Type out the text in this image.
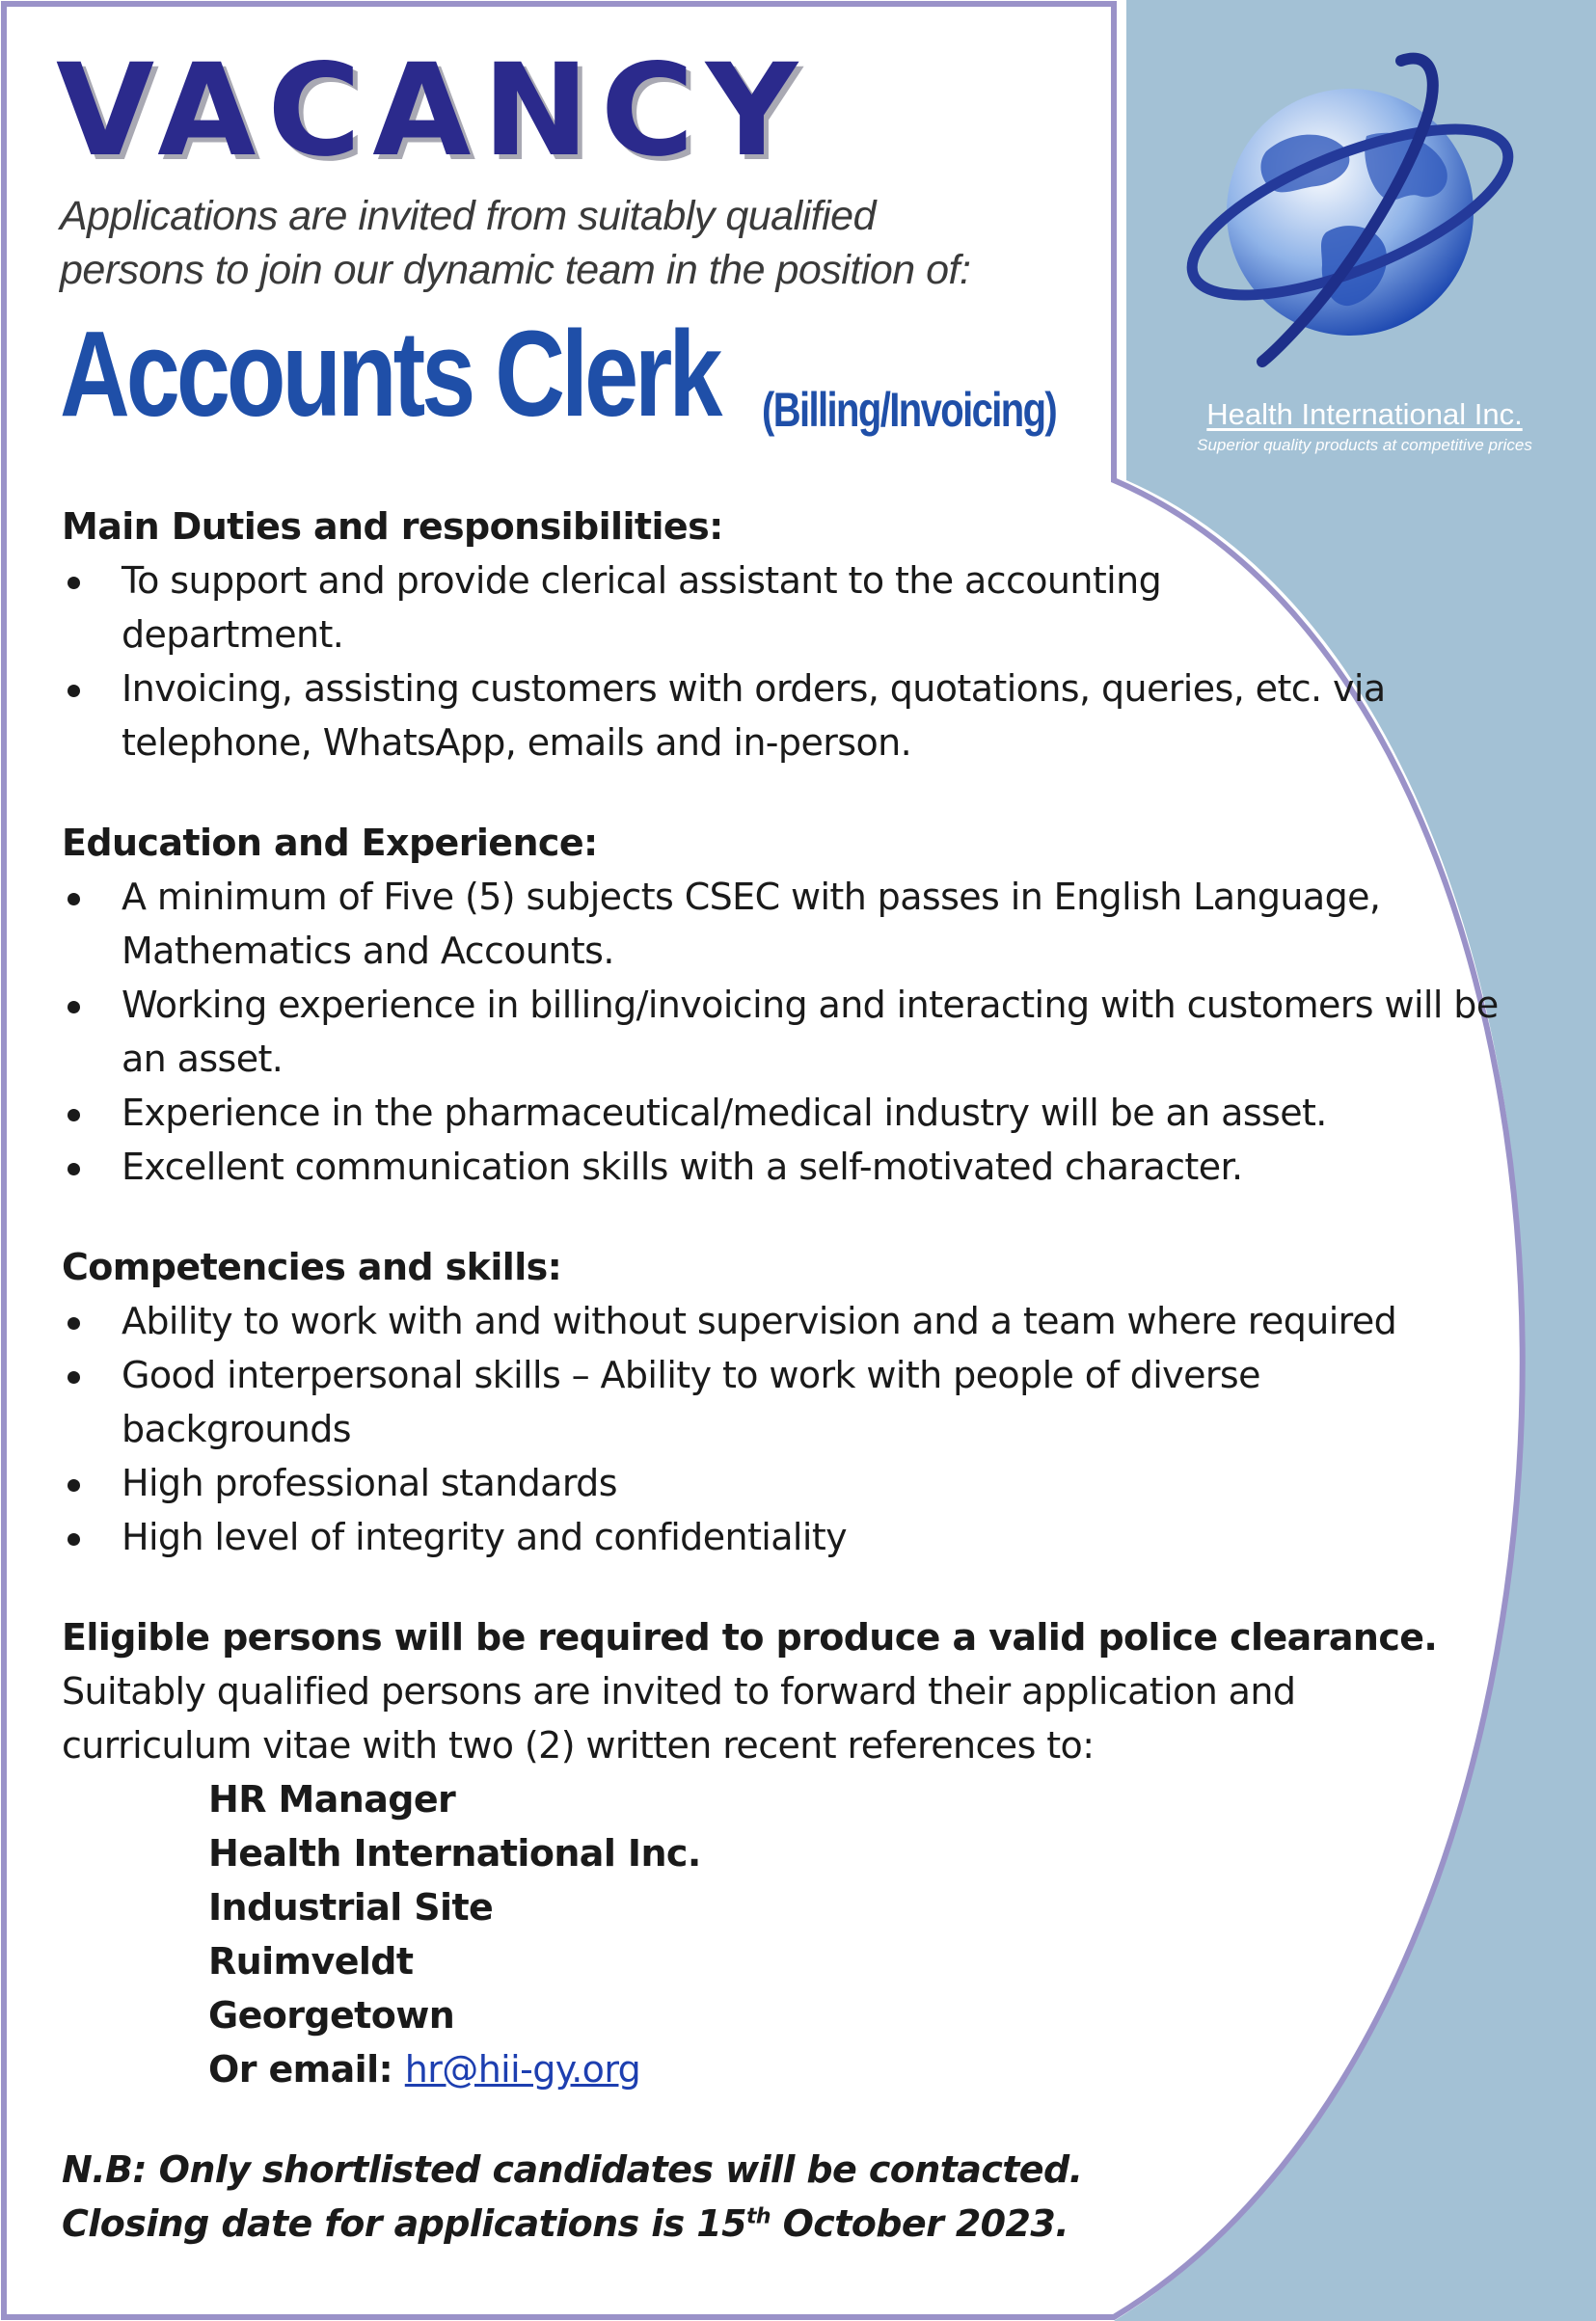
VACANCY
Applications are invited from suitably qualified
persons to join our dynamic team in the position of:
Accounts Clerk (Billing/Invoicing)	Health International Inc.
Superior quality products at competitive prices
Main Duties and responsibilities:
To support and provide clerical assistant to the accounting department.
Invoicing, assisting customers with orders, quotations, queries, etc. via telephone, WhatsApp, emails and in-person.
Education and Experience:
A minimum of Five (5) subjects CSEC with passes in English Language, Mathematics and Accounts.
Working experience in billing/invoicing and interacting with customers will be an asset.
Experience in the pharmaceutical/medical industry will be an asset.
Excellent communication skills with a self-motivated character.
Competencies and skills:
Ability to work with and without supervision and a team where required
Good interpersonal skills – Ability to work with people of diverse backgrounds
High professional standards
High level of integrity and confidentiality
Eligible persons will be required to produce a valid police clearance.
Suitably qualified persons are invited to forward their application and curriculum vitae with two (2) written recent references to:
HR Manager
Health International Inc.
Industrial Site
Ruimveldt
Georgetown
Or email: hr@hii-gy.org
N.B: Only shortlisted candidates will be contacted.
Closing date for applications is 15th October 2023.
